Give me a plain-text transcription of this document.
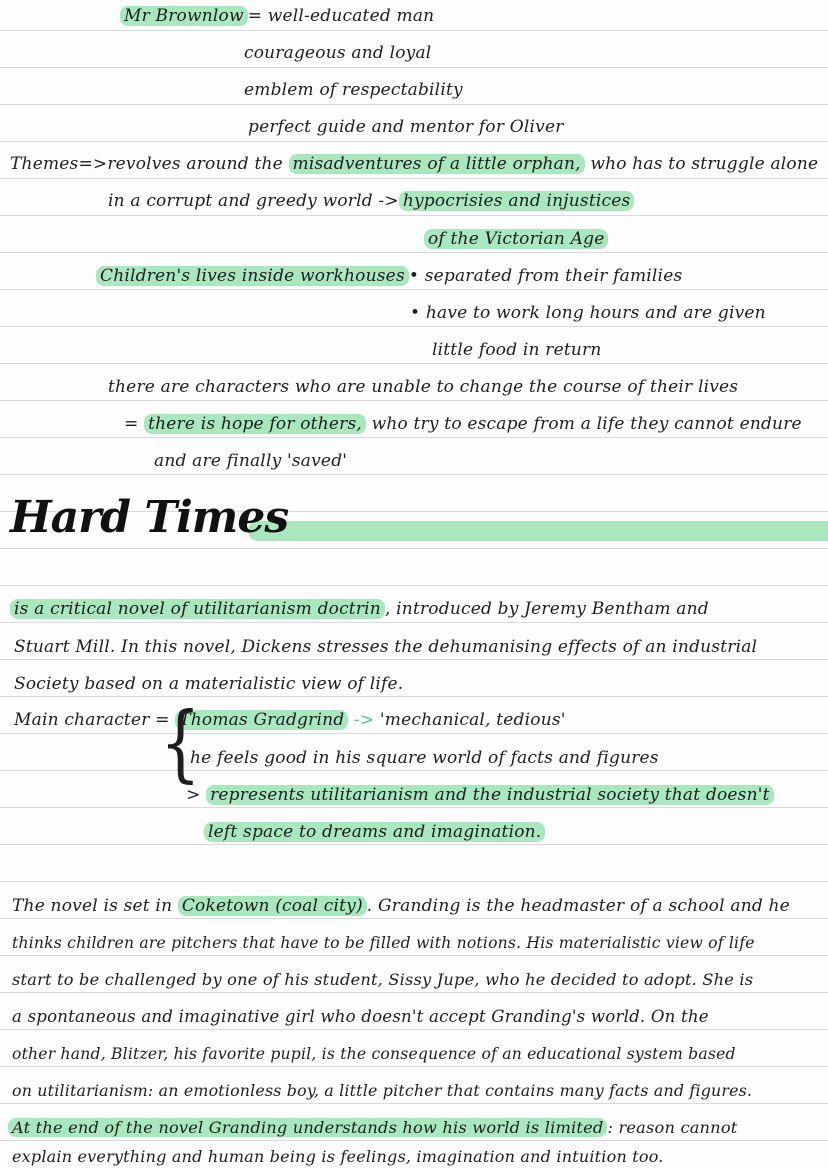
Mr Brownlow = well-educated man
courageous and loyal
emblem of respectability
perfect guide and mentor for Oliver
Themes=>revolves around the misadventures of a little orphan, who has to struggle alone
in a corrupt and greedy world -> hypocrisies and injustices
of the Victorian Age
Children's lives inside workhouses • separated from their families
• have to work long hours and are given
little food in return
there are characters who are unable to change the course of their lives
= there is hope for others, who try to escape from a life they cannot endure
and are finally 'saved'
Hard Times
is a critical novel of utilitarianism doctrin , introduced by Jeremy Bentham and
Stuart Mill. In this novel, Dickens stresses the dehumanising effects of an industrial
Society based on a materialistic view of life.
Main character = Thomas Gradgrind -> 'mechanical, tedious'
{
he feels good in his square world of facts and figures
> represents utilitarianism and the industrial society that doesn't
left space to dreams and imagination.
The novel is set in Coketown (coal city) . Granding is the headmaster of a school and he
thinks children are pitchers that have to be filled with notions. His materialistic view of life
start to be challenged by one of his student, Sissy Jupe, who he decided to adopt. She is
a spontaneous and imaginative girl who doesn't accept Granding's world. On the
other hand, Blitzer, his favorite pupil, is the consequence of an educational system based
on utilitarianism: an emotionless boy, a little pitcher that contains many facts and figures.
At the end of the novel Granding understands how his world is limited : reason cannot
explain everything and human being is feelings, imagination and intuition too.
